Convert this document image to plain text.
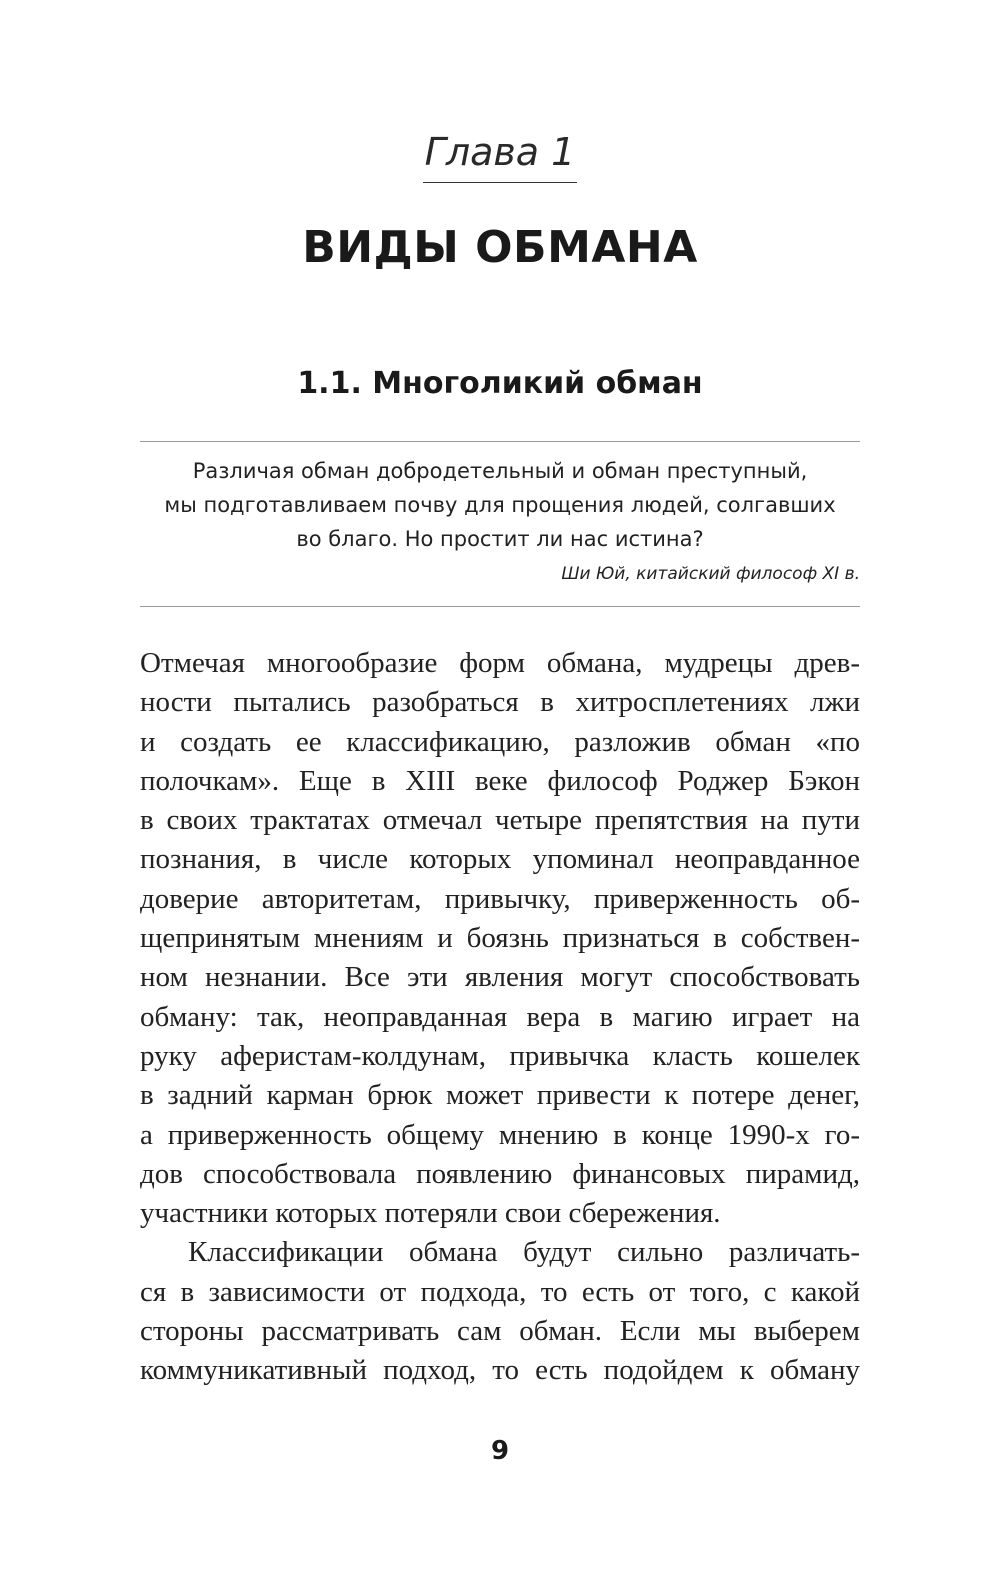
Глава 1
ВИДЫ ОБМАНА
1.1. Многоликий обман
Различая обман добродетельный и обман преступный,
мы подготавливаем почву для прощения людей, солгавших
во благо. Но простит ли нас истина?
Ши Юй, китайский философ XI в.
Отмечая многообразие форм обмана, мудрецы древ-
ности пытались разобраться в хитросплетениях лжи
и создать ее классификацию, разложив обман «по
полочкам». Еще в XIII веке философ Роджер Бэкон
в своих трактатах отмечал четыре препятствия на пути
познания, в числе которых упоминал неоправданное
доверие авторитетам, привычку, приверженность об-
щепринятым мнениям и боязнь признаться в собствен-
ном незнании. Все эти явления могут способствовать
обману: так, неоправданная вера в магию играет на
руку аферистам-колдунам, привычка класть кошелек
в задний карман брюк может привести к потере денег,
а приверженность общему мнению в конце 1990-х го-
дов способствовала появлению финансовых пирамид,
участники которых потеряли свои сбережения.
Классификации обмана будут сильно различать-
ся в зависимости от подхода, то есть от того, с какой
стороны рассматривать сам обман. Если мы выберем
коммуникативный подход, то есть подойдем к обману
9
